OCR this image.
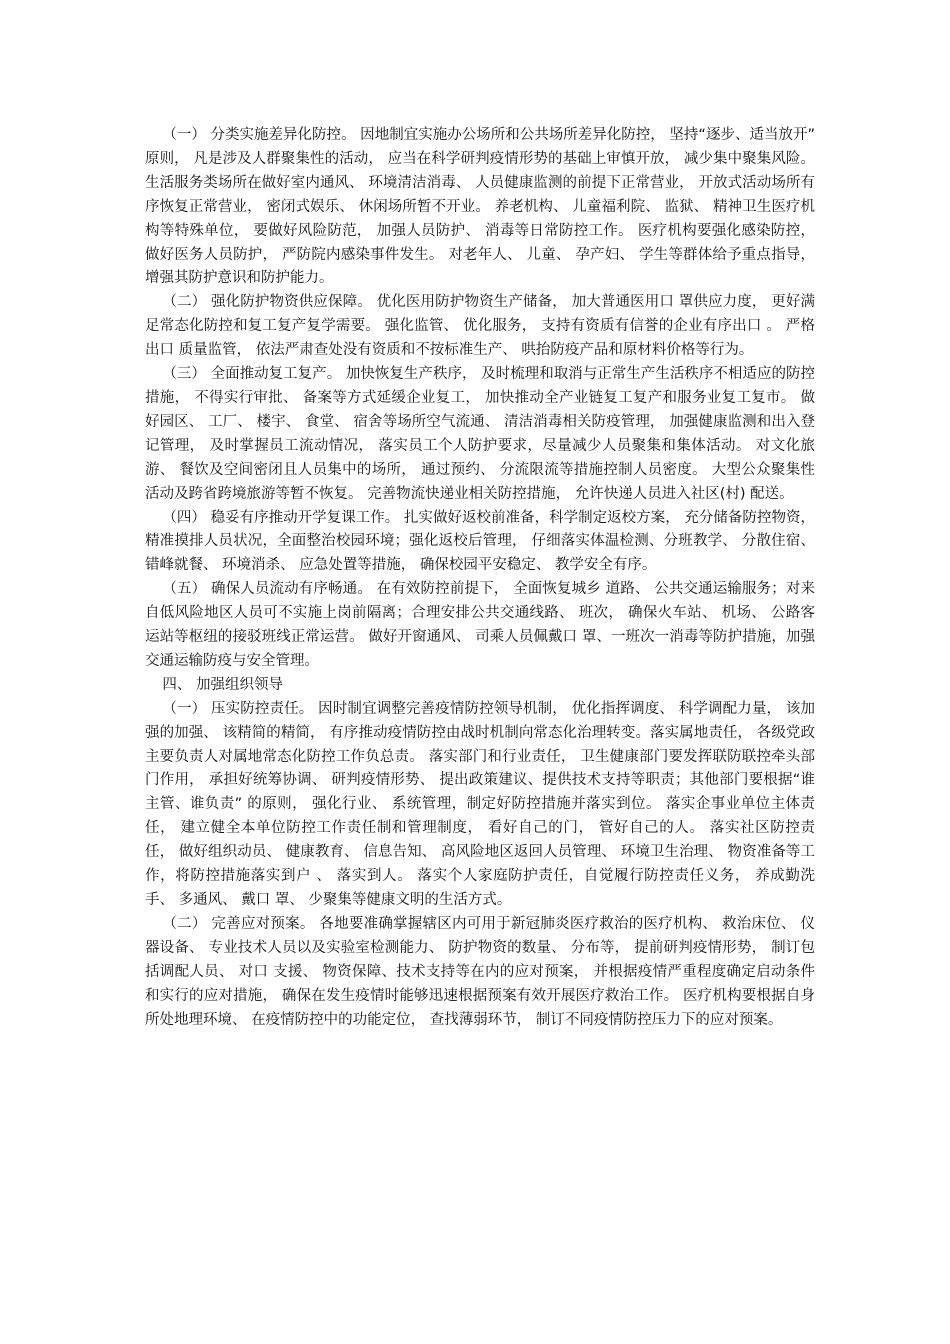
（一） 分类实施差异化防控。 因地制宜实施办公场所和公共场所差异化防控， 坚持“逐步、适当放开” 原则， 凡是涉及人群聚集性的活动， 应当在科学研判疫情形势的基础上审慎开放， 减少集中聚集风险。 生活服务类场所在做好室内通风、 环境清洁消毒、 人员健康监测的前提下正常营业， 开放式活动场所有序恢复正常营业， 密闭式娱乐、 休闲场所暂不开业。 养老机构、 儿童福利院、 监狱、 精神卫生医疗机构等特殊单位， 要做好风险防范， 加强人员防护、 消毒等日常防控工作。 医疗机构要强化感染防控， 做好医务人员防护， 严防院内感染事件发生。 对老年人、 儿童、 孕产妇、 学生等群体给予重点指导， 增强其防护意识和防护能力。

（二） 强化防护物资供应保障。 优化医用防护物资生产储备， 加大普通医用口 罩供应力度， 更好满足常态化防控和复工复产复学需要。 强化监管、 优化服务， 支持有资质有信誉的企业有序出口 。 严格出口 质量监管， 依法严肃查处没有资质和不按标准生产、 哄抬防疫产品和原材料价格等行为。

（三） 全面推动复工复产。 加快恢复生产秩序， 及时梳理和取消与正常生产生活秩序不相适应的防控措施， 不得实行审批、 备案等方式延缓企业复工， 加快推动全产业链复工复产和服务业复工复市。 做好园区、 工厂、 楼宇、 食堂、 宿舍等场所空气流通、 清洁消毒相关防疫管理， 加强健康监测和出入登记管理， 及时掌握员工流动情况， 落实员工个人防护要求，尽量减少人员聚集和集体活动。 对文化旅游、 餐饮及空间密闭且人员集中的场所， 通过预约、 分流限流等措施控制人员密度。 大型公众聚集性活动及跨省跨境旅游等暂不恢复。 完善物流快递业相关防控措施， 允许快递人员进入社区(村) 配送。

（四） 稳妥有序推动开学复课工作。 扎实做好返校前准备，科学制定返校方案， 充分储备防控物资， 精准摸排人员状况，全面整治校园环境；强化返校后管理， 仔细落实体温检测、分班教学、 分散住宿、 错峰就餐、 环境消杀、 应急处置等措施， 确保校园平安稳定、 教学安全有序。

（五） 确保人员流动有序畅通。 在有效防控前提下， 全面恢复城乡 道路、 公共交通运输服务；对来自低风险地区人员可不实施上岗前隔离；合理安排公共交通线路、 班次， 确保火车站、 机场、 公路客运站等枢纽的接驳班线正常运营。 做好开窗通风、 司乘人员佩戴口 罩、一班次一消毒等防护措施，加强交通运输防疫与安全管理。

四、 加强组织领导

（一） 压实防控责任。 因时制宜调整完善疫情防控领导机制， 优化指挥调度、 科学调配力量， 该加强的加强、 该精简的精简， 有序推动疫情防控由战时机制向常态化治理转变。落实属地责任， 各级党政主要负责人对属地常态化防控工作负总责。 落实部门和行业责任， 卫生健康部门要发挥联防联控牵头部门作用， 承担好统筹协调、 研判疫情形势、 提出政策建议、提供技术支持等职责；其他部门要根据“谁主管、谁负责” 的原则， 强化行业、 系统管理，制定好防控措施并落实到位。 落实企事业单位主体责任， 建立健全本单位防控工作责任制和管理制度， 看好自己的门， 管好自己的人。 落实社区防控责任， 做好组织动员、 健康教育、 信息告知、 高风险地区返回人员管理、 环境卫生治理、 物资准备等工作，将防控措施落实到户 、 落实到人。 落实个人家庭防护责任，自觉履行防控责任义务， 养成勤洗手、 多通风、 戴口 罩、 少聚集等健康文明的生活方式。

（二） 完善应对预案。 各地要准确掌握辖区内可用于新冠肺炎医疗救治的医疗机构、 救治床位、 仪器设备、 专业技术人员以及实验室检测能力、 防护物资的数量、 分布等， 提前研判疫情形势， 制订包括调配人员、 对口 支援、 物资保障、技术支持等在内的应对预案， 并根据疫情严重程度确定启动条件和实行的应对措施， 确保在发生疫情时能够迅速根据预案有效开展医疗救治工作。 医疗机构要根据自身所处地理环境、 在疫情防控中的功能定位， 查找薄弱环节， 制订不同疫情防控压力下的应对预案。
